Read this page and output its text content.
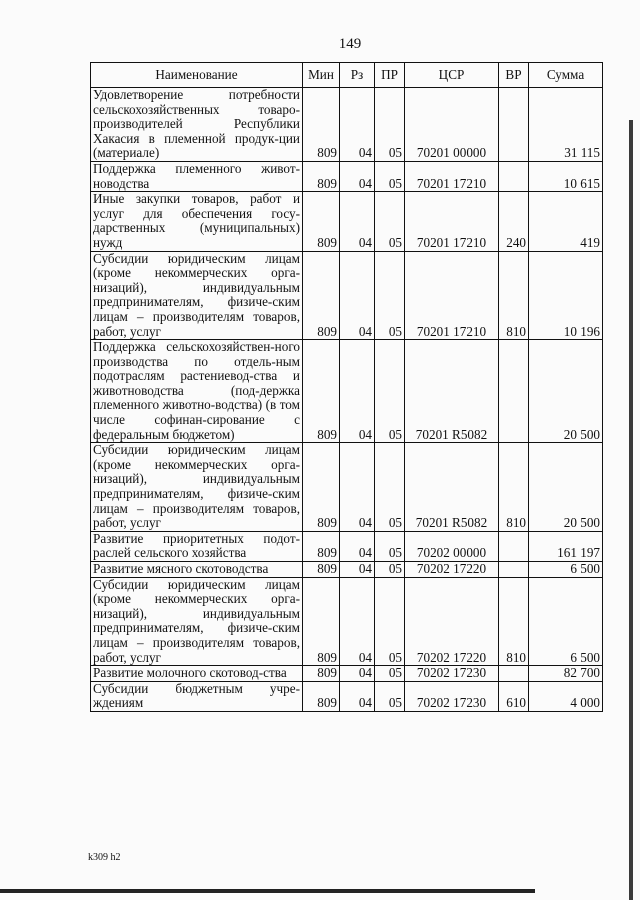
149
Наименование	Мин	Рз	ПР	ЦСР	ВР	Сумма
Удовлетворение потребности сельскохозяйственных товаро-производителей Республики Хакасия в племенной продук-ции (материале)	809	04	05	70201 00000		31 115
Поддержка племенного живот-новодства	809	04	05	70201 17210		10 615
Иные закупки товаров, работ и услуг для обеспечения госу-дарственных (муниципальных) нужд	809	04	05	70201 17210	240	419
Субсидии юридическим лицам (кроме некоммерческих орга-низаций), индивидуальным предпринимателям, физиче-ским лицам – производителям товаров, работ, услуг	809	04	05	70201 17210	810	10 196
Поддержка сельскохозяйствен-ного производства по отдель-ным подотраслям растениевод-ства и животноводства (под-держка племенного животно-водства) (в том числе софинан-сирование с федеральным бюджетом)	809	04	05	70201 R5082		20 500
Субсидии юридическим лицам (кроме некоммерческих орга-низаций), индивидуальным предпринимателям, физиче-ским лицам – производителям товаров, работ, услуг	809	04	05	70201 R5082	810	20 500
Развитие приоритетных подот-раслей сельского хозяйства	809	04	05	70202 00000		161 197
Развитие мясного скотоводства	809	04	05	70202 17220		6 500
Субсидии юридическим лицам (кроме некоммерческих орга-низаций), индивидуальным предпринимателям, физиче-ским лицам – производителям товаров, работ, услуг	809	04	05	70202 17220	810	6 500
Развитие молочного скотовод-ства	809	04	05	70202 17230		82 700
Субсидии бюджетным учре-ждениям	809	04	05	70202 17230	610	4 000
k309 h2
